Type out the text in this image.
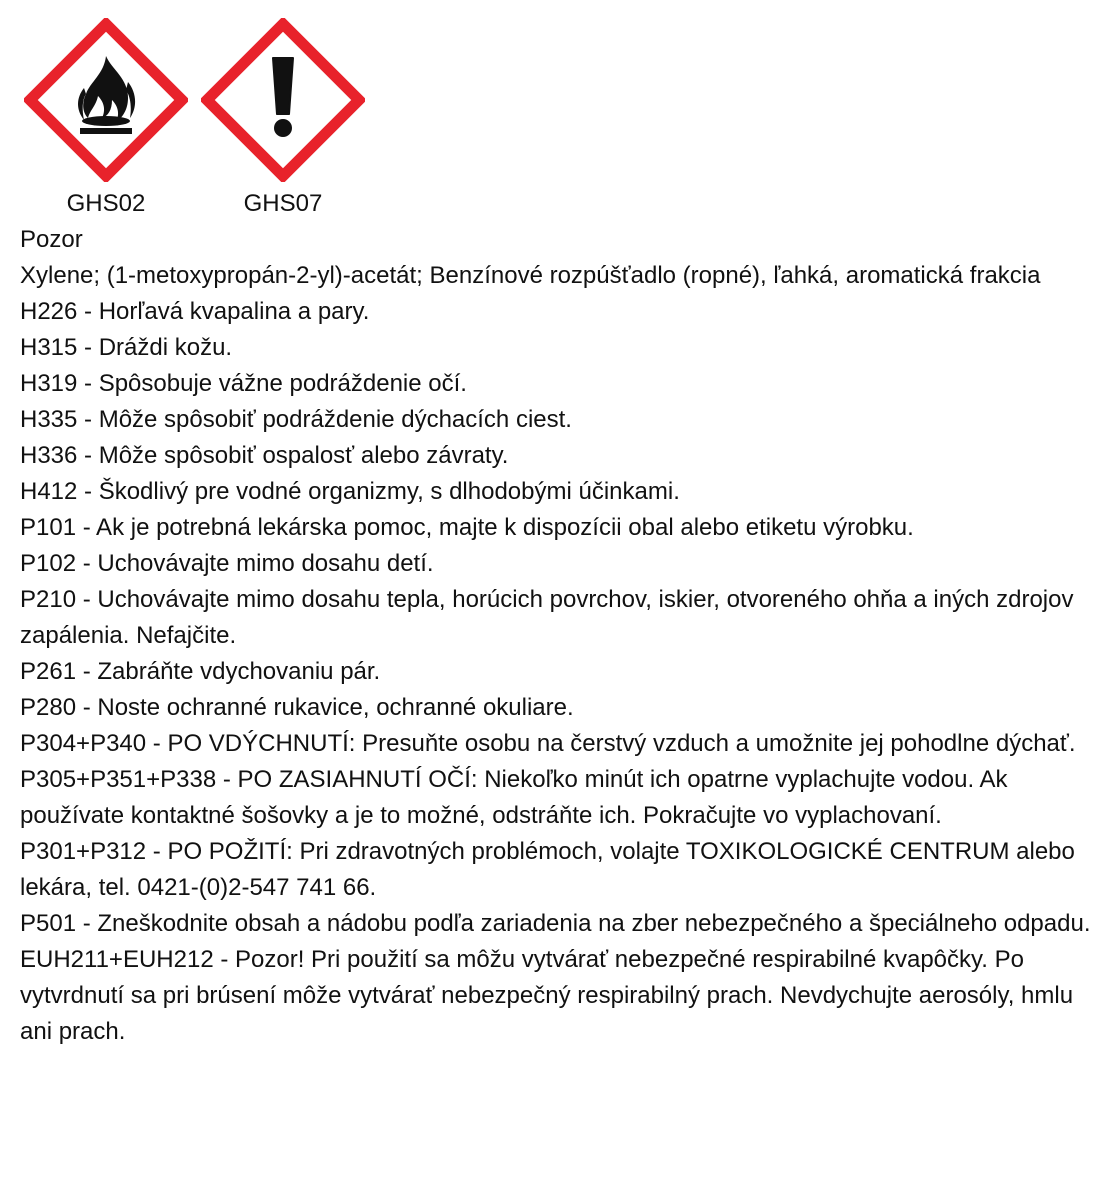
GHS02	GHS07

Pozor

Xylene; (1-metoxypropán-2-yl)-acetát; Benzínové rozpúšťadlo (ropné), ľahká, aromatická frakcia

H226 - Horľavá kvapalina a pary.

H315 - Dráždi kožu.

H319 - Spôsobuje vážne podráždenie očí.

H335 - Môže spôsobiť podráždenie dýchacích ciest.

H336 - Môže spôsobiť ospalosť alebo závraty.

H412 - Škodlivý pre vodné organizmy, s dlhodobými účinkami.

P101 - Ak je potrebná lekárska pomoc, majte k dispozícii obal alebo etiketu výrobku.

P102 - Uchovávajte mimo dosahu detí.

P210 - Uchovávajte mimo dosahu tepla, horúcich povrchov, iskier, otvoreného ohňa a iných zdrojov zapálenia. Nefajčite.

P261 - Zabráňte vdychovaniu pár.

P280 - Noste ochranné rukavice, ochranné okuliare.

P304+P340 - PO VDÝCHNUTÍ: Presuňte osobu na čerstvý vzduch a umožnite jej pohodlne dýchať.

P305+P351+P338 - PO ZASIAHNUTÍ OČÍ: Niekoľko minút ich opatrne vyplachujte vodou. Ak používate kontaktné šošovky a je to možné, odstráňte ich. Pokračujte vo vyplachovaní.

P301+P312 - PO POŽITÍ: Pri zdravotných problémoch, volajte TOXIKOLOGICKÉ CENTRUM alebo lekára, tel. 0421-(0)2-547 741 66.

P501 - Zneškodnite obsah a nádobu podľa zariadenia na zber nebezpečného a špeciálneho odpadu.

EUH211+EUH212 - Pozor! Pri použití sa môžu vytvárať nebezpečné respirabilné kvapôčky. Po vytvrdnutí sa pri brúsení môže vytvárať nebezpečný respirabilný prach. Nevdychujte aerosóly, hmlu ani prach.
